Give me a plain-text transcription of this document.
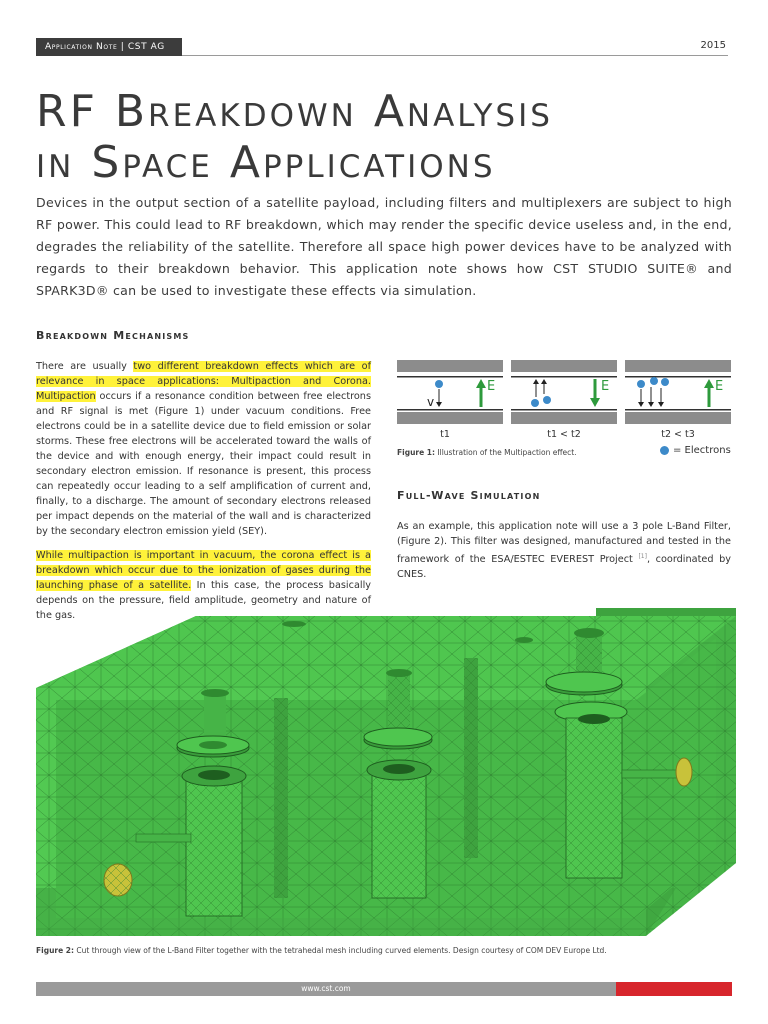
Application Note | CST AG	2015
RF Breakdown Analysis
in Space Applications

Devices in the output section of a satellite payload, including filters and multiplexers are subject to high RF power. This could lead to RF breakdown, which may render the specific device useless and, in the end, degrades the reliability of the satellite. Therefore all space high power devices have to be analyzed with regards to their breakdown behavior. This application note shows how CST STUDIO SUITE® and SPARK3D® can be used to investigate these effects via simulation.

Breakdown Mechanisms

There are usually two different breakdown effects which are of relevance in space applications: Multipaction and Corona. Multipaction occurs if a resonance condition between free electrons and RF signal is met (Figure 1) under vacuum conditions. Free electrons could be in a satellite device due to field emission or solar storms. These free electrons will be accelerated toward the walls of the device and with enough energy, their impact could result in secondary electron emission. If resonance is present, this process can repeatedly occur leading to a self amplification of current and, finally, to a discharge. The amount of secondary electrons released per impact depends on the material of the wall and is characterized by the secondary electron emission yield (SEY).

While multipaction is important in vacuum, the corona effect is a breakdown which occur due to the ionization of gases during the launching phase of a satellite. In this case, the process basically depends on the pressure, field amplitude, geometry and nature of the gas.

v
E	E	E
t1	t1 < t2	t2 < t3
Figure 1: Illustration of the Multipaction effect.	= Electrons
Full-Wave Simulation

As an example, this application note will use a 3 pole L-Band Filter, (Figure 2). This filter was designed, manufactured and tested in the framework of the ESA/ESTEC EVEREST Project [1], coordinated by CNES.

Figure 2: Cut through view of the L-Band Filter together with the tetrahedal mesh including curved elements. Design courtesy of COM DEV Europe Ltd.
www.cst.com
